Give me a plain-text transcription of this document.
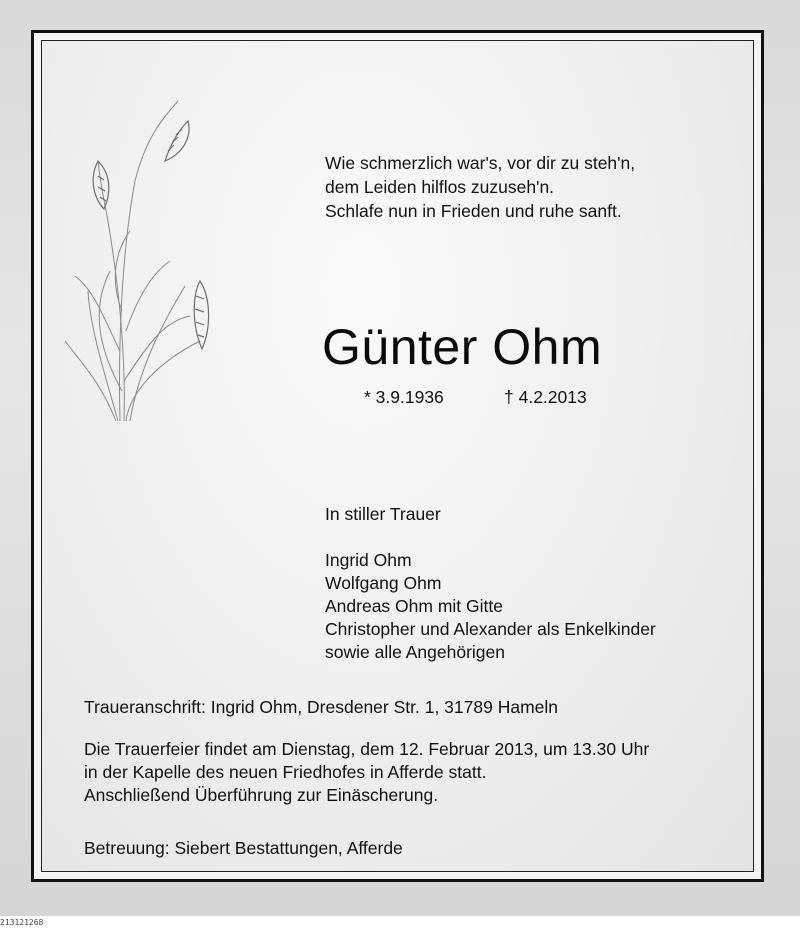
Wie schmerzlich war's, vor dir zu steh'n,
dem Leiden hilflos zuzuseh'n.
Schlafe nun in Frieden und ruhe sanft.
Günter Ohm
* 3.9.1936	† 4.2.2013
In stiller Trauer
Ingrid Ohm
Wolfgang Ohm
Andreas Ohm mit Gitte
Christopher und Alexander als Enkelkinder
sowie alle Angehörigen
Traueranschrift: Ingrid Ohm, Dresdener Str. 1, 31789 Hameln
Die Trauerfeier findet am Dienstag, dem 12. Februar 2013, um 13.30 Uhr
in der Kapelle des neuen Friedhofes in Afferde statt.
Anschließend Überführung zur Einäscherung.
Betreuung: Siebert Bestattungen, Afferde
213121268
